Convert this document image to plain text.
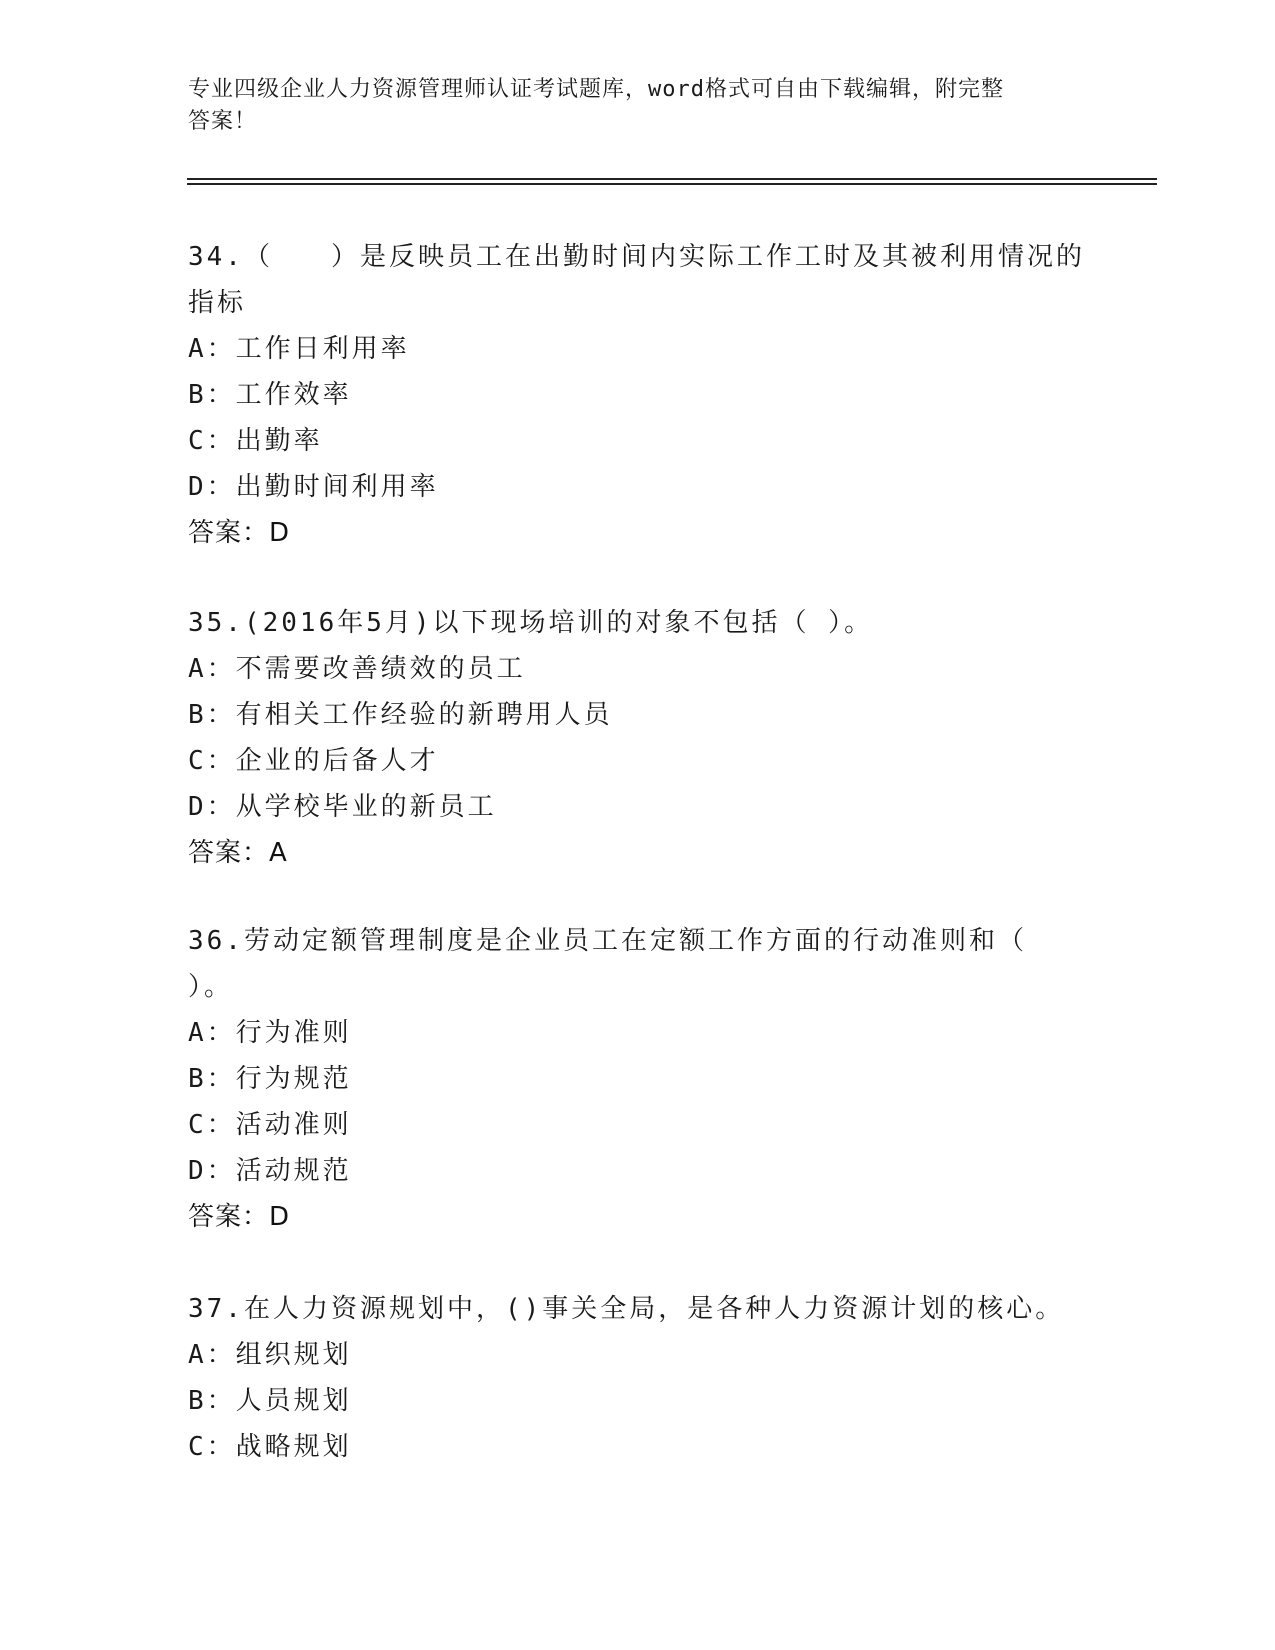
专业四级企业人力资源管理师认证考试题库，word格式可自由下载编辑，附完整
答案！
34.（　　）是反映员工在出勤时间内实际工作工时及其被利用情况的
指标
A：工作日利用率
B：工作效率
C：出勤率
D：出勤时间利用率
答案：D
35.(2016年5月)以下现场培训的对象不包括（ ）。
A：不需要改善绩效的员工
B：有相关工作经验的新聘用人员
C：企业的后备人才
D：从学校毕业的新员工
答案：A
36.劳动定额管理制度是企业员工在定额工作方面的行动准则和（
）。
A：行为准则
B：行为规范
C：活动准则
D：活动规范
答案：D
37.在人力资源规划中，()事关全局，是各种人力资源计划的核心。
A：组织规划
B：人员规划
C：战略规划
